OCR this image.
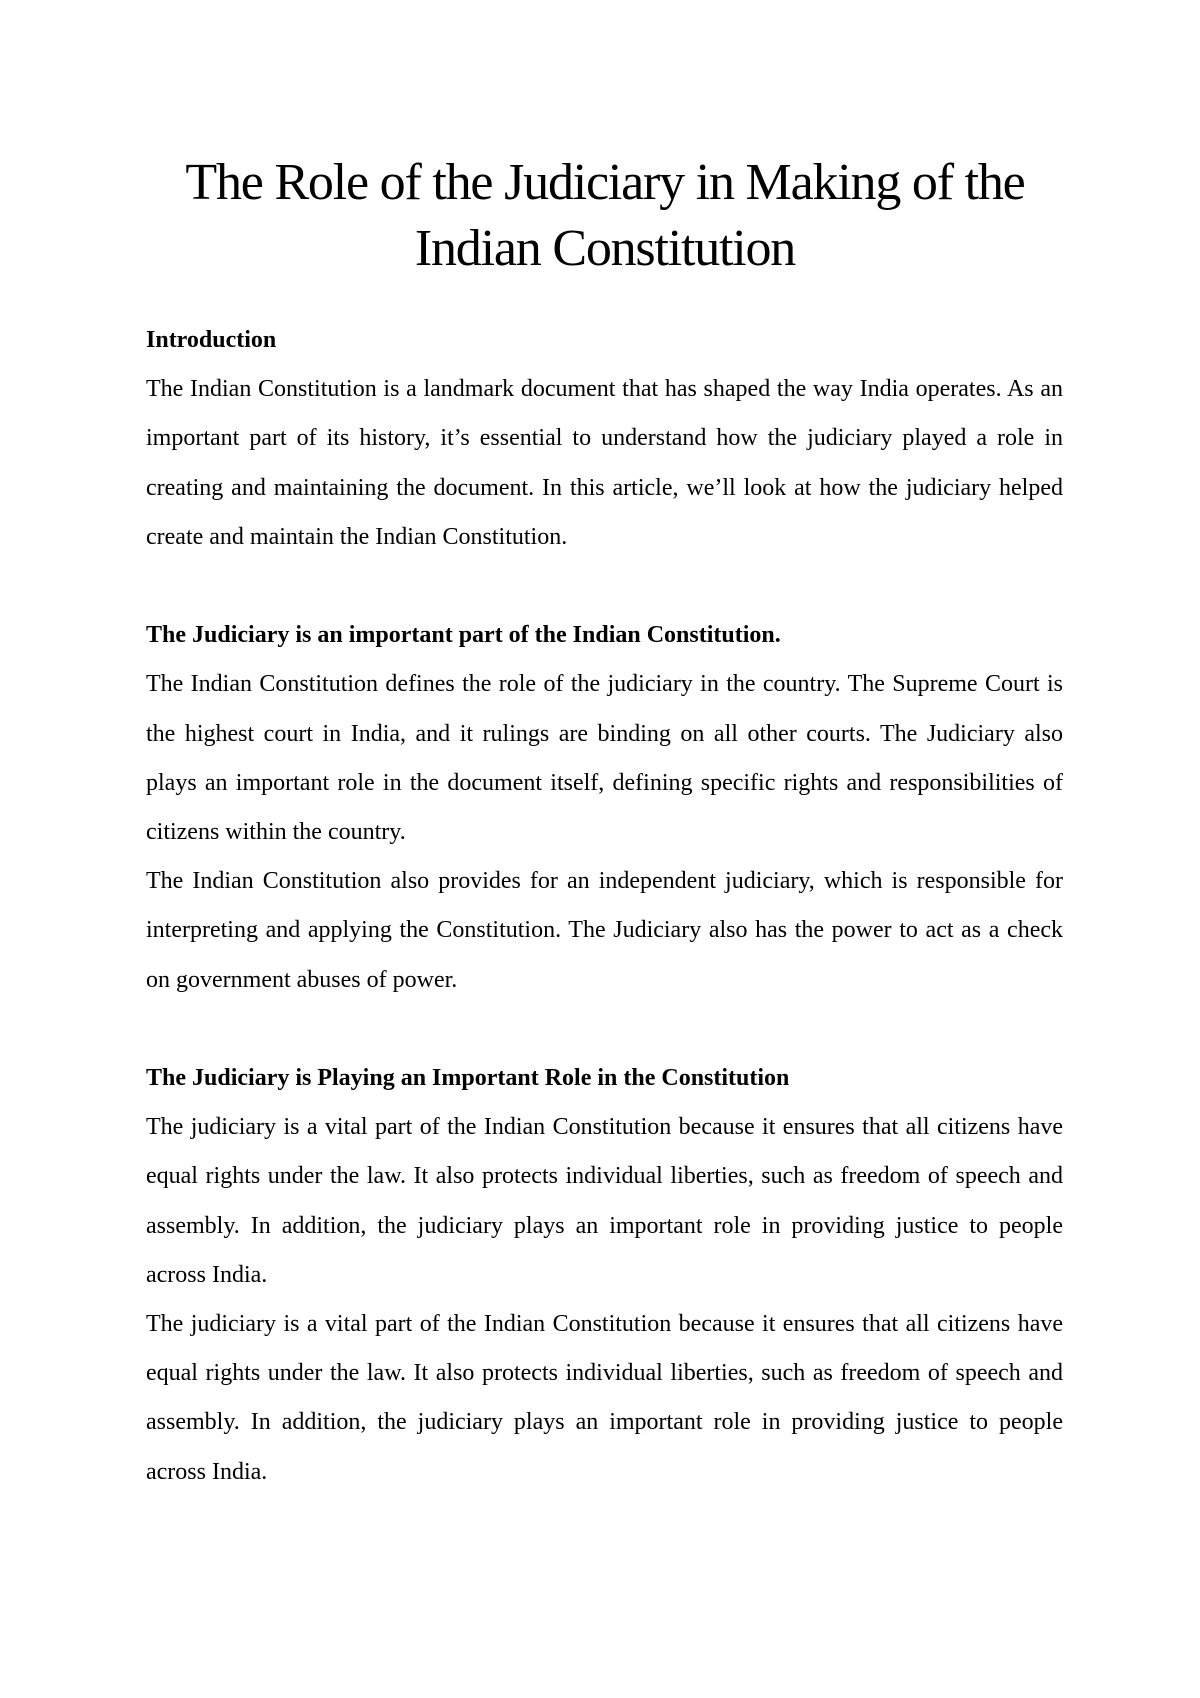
The Role of the Judiciary in Making of the Indian Constitution

Introduction

The Indian Constitution is a landmark document that has shaped the way India operates. As an important part of its history, it’s essential to understand how the judiciary played a role in creating and maintaining the document. In this article, we’ll look at how the judiciary helped create and maintain the Indian Constitution.

The Judiciary is an important part of the Indian Constitution.

The Indian Constitution defines the role of the judiciary in the country. The Supreme Court is the highest court in India, and it rulings are binding on all other courts. The Judiciary also plays an important role in the document itself, defining specific rights and responsibilities of citizens within the country.

The Indian Constitution also provides for an independent judiciary, which is responsible for interpreting and applying the Constitution. The Judiciary also has the power to act as a check on government abuses of power.

The Judiciary is Playing an Important Role in the Constitution

The judiciary is a vital part of the Indian Constitution because it ensures that all citizens have equal rights under the law. It also protects individual liberties, such as freedom of speech and assembly. In addition, the judiciary plays an important role in providing justice to people across India.

The judiciary is a vital part of the Indian Constitution because it ensures that all citizens have equal rights under the law. It also protects individual liberties, such as freedom of speech and assembly. In addition, the judiciary plays an important role in providing justice to people across India.
